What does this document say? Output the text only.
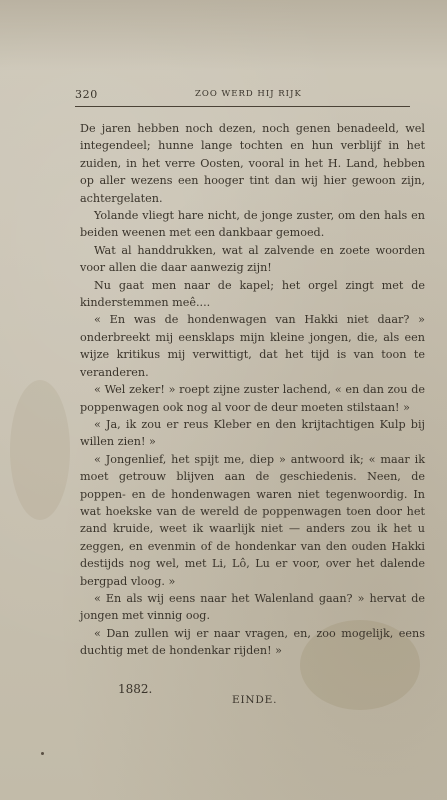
320	ZOO WERD HIJ RIJK

De jaren hebben noch dezen, noch genen benadeeld, wel integendeel; hunne lange tochten en hun verblijf in het zuiden, in het verre Oosten, vooral in het H. Land, hebben op aller wezens een hooger tint dan wij hier gewoon zijn, achtergelaten.

Yolande vliegt hare nicht, de jonge zuster, om den hals en beiden weenen met een dankbaar gemoed.

Wat al handdrukken, wat al zalvende en zoete woorden voor allen die daar aanwezig zijn!

Nu gaat men naar de kapel; het orgel zingt met de kinderstemmen meê....

« En was de hondenwagen van Hakki niet daar? » onderbreekt mij eensklaps mijn kleine jongen, die, als een wijze kritikus mij verwittigt, dat het tijd is van toon te veranderen.

« Wel zeker! » roept zijne zuster lachend, « en dan zou de poppenwagen ook nog al voor de deur moeten stilstaan! »

« Ja, ik zou er reus Kleber en den krijtachtigen Kulp bij willen zien! »

« Jongenlief, het spijt me, diep » antwoord ik; « maar ik moet getrouw blijven aan de geschiedenis. Neen, de poppen- en de hondenwagen waren niet tegenwoordig. In wat hoekske van de wereld de poppenwagen toen door het zand kruide, weet ik waarlijk niet — anders zou ik het u zeggen, en evenmin of de hondenkar van den ouden Hakki destijds nog wel, met Li, Lô, Lu er voor, over het dalende bergpad vloog. »

« En als wij eens naar het Walenland gaan? » hervat de jongen met vinnig oog.

« Dan zullen wij er naar vragen, en, zoo mogelijk, eens duchtig met de hondenkar rijden! »

1882.
EINDE.
